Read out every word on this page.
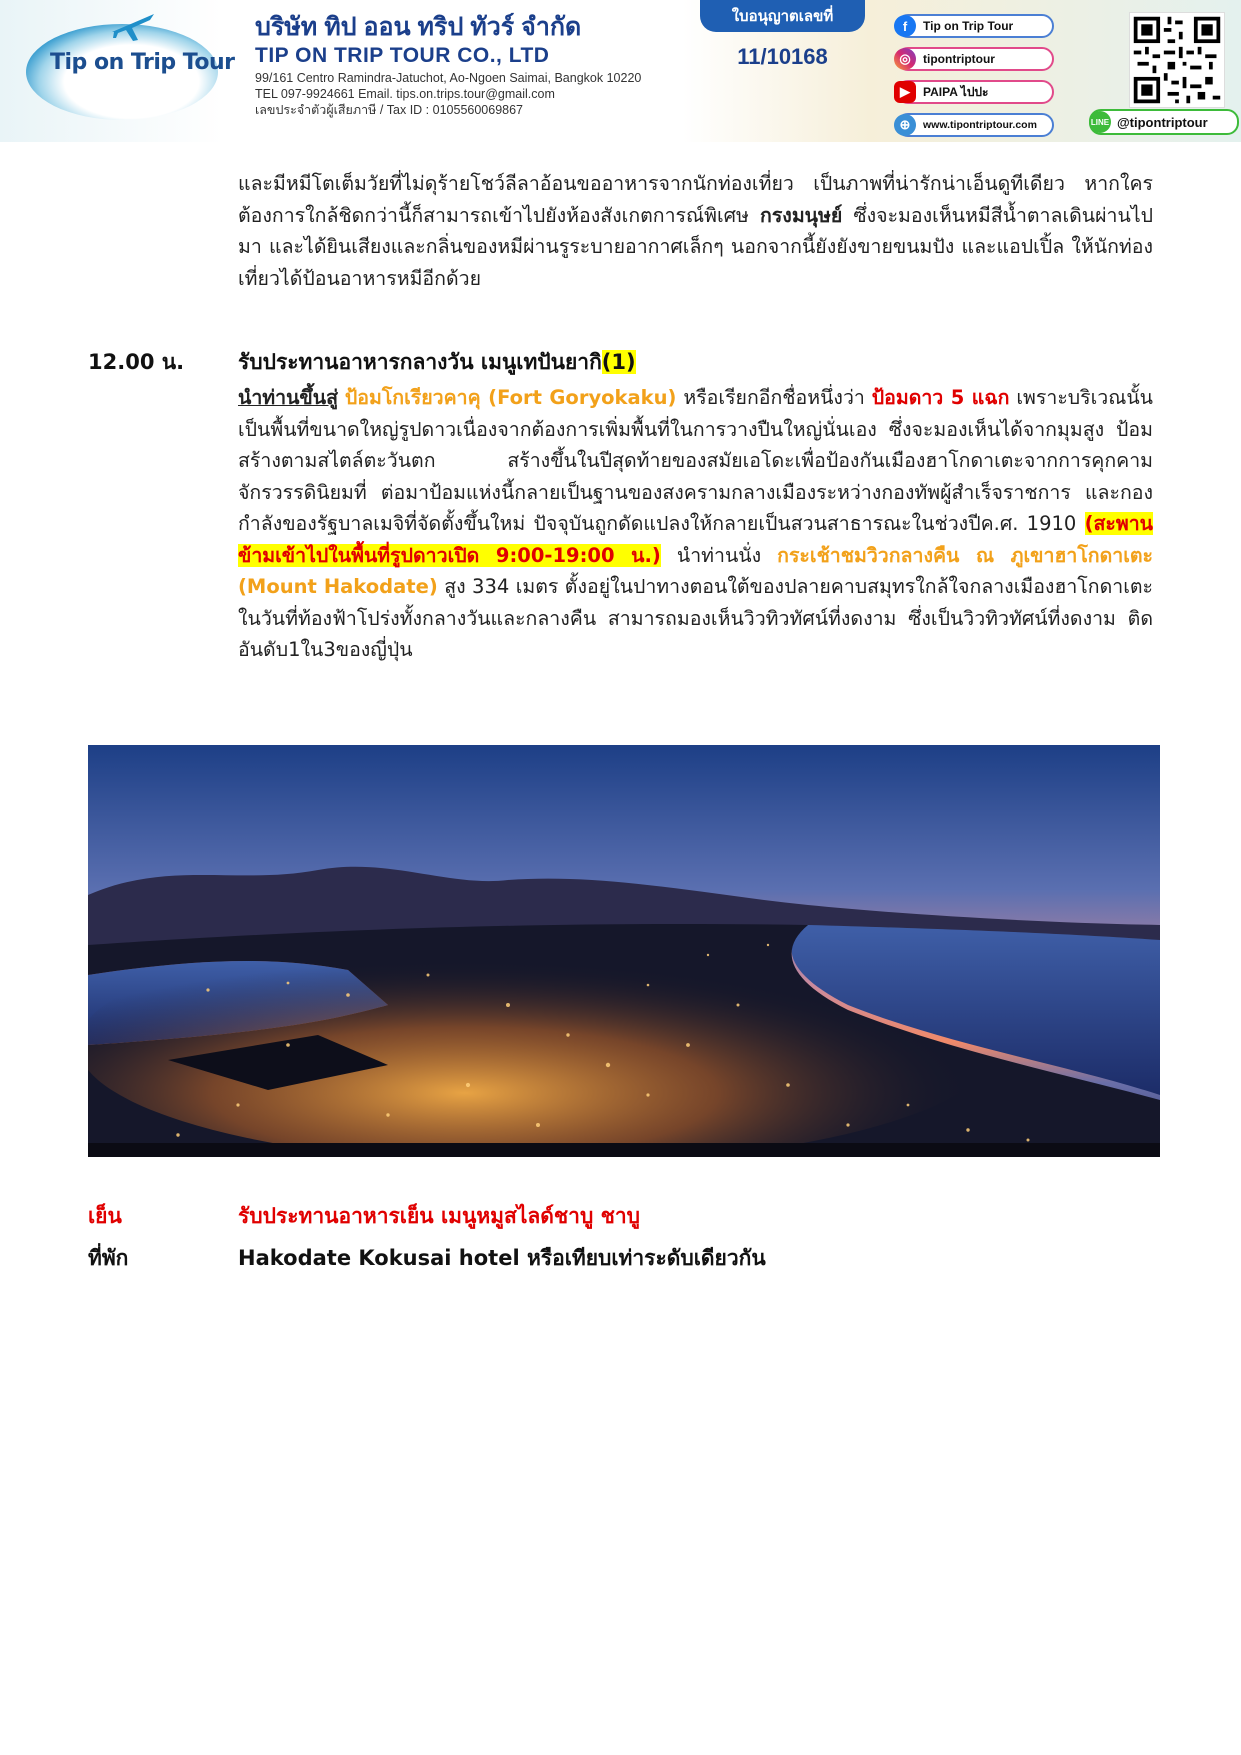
Tip on Trip Tour
บริษัท ทิป ออน ทริป ทัวร์ จำกัด
TIP ON TRIP TOUR CO., LTD
99/161 Centro Ramindra-Jatuchot, Ao-Ngoen Saimai, Bangkok 10220
TEL 097-9924661 Email. tips.on.trips.tour@gmail.com
เลขประจำตัวผู้เสียภาษี / Tax ID : 0105560069867
ใบอนุญาตเลขที่
11/10168
f	Tip on Trip Tour
◎	tipontriptour
▶	PAIPA ไปปะ
⊕	www.tipontriptour.com	LINE @tipontriptour
และมีหมีโตเต็มวัยที่ไม่ดุร้ายโชว์ลีลาอ้อนขออาหารจากนักท่องเที่ยว เป็นภาพที่น่ารักน่าเอ็นดูทีเดียว หากใครต้องการใกล้ชิดกว่านี้ก็สามารถเข้าไปยังห้องสังเกตการณ์พิเศษ กรงมนุษย์ ซึ่งจะมองเห็นหมีสีน้ำตาลเดินผ่านไปมา และได้ยินเสียงและกลิ่นของหมีผ่านรูระบายอากาศเล็กๆ นอกจากนี้ยังยังขายขนมปัง และแอปเปิ้ล ให้นักท่องเที่ยวได้ป้อนอาหารหมีอีกด้วย
12.00 น.	รับประทานอาหารกลางวัน เมนูเทปันยากิ(1)
นำท่านขึ้นสู่ ป้อมโกเรียวคาคุ (Fort Goryokaku) หรือเรียกอีกชื่อหนึ่งว่า ป้อมดาว 5 แฉก เพราะบริเวณนั้นเป็นพื้นที่ขนาดใหญ่รูปดาวเนื่องจากต้องการเพิ่มพื้นที่ในการวางปืนใหญ่นั่นเอง ซึ่งจะมองเห็นได้จากมุมสูง ป้อมสร้างตามสไตล์ตะวันตก สร้างขึ้นในปีสุดท้ายของสมัยเอโดะเพื่อป้องกันเมืองฮาโกดาเตะจากการคุกคามจักรวรรดินิยมที่ ต่อมาป้อมแห่งนี้กลายเป็นฐานของสงครามกลางเมืองระหว่างกองทัพผู้สำเร็จราชการ และกองกำลังของรัฐบาลเมจิที่จัดตั้งขึ้นใหม่ ปัจจุบันถูกดัดแปลงให้กลายเป็นสวนสาธารณะในช่วงปีค.ศ. 1910 (สะพานข้ามเข้าไปในพื้นที่รูปดาวเปิด 9:00-19:00 น.) นำท่านนั่ง กระเช้าชมวิวกลางคืน ณ ภูเขาฮาโกดาเตะ (Mount Hakodate) สูง 334 เมตร ตั้งอยู่ในปาทางตอนใต้ของปลายคาบสมุทรใกล้ใจกลางเมืองฮาโกดาเตะ ในวันที่ท้องฟ้าโปร่งทั้งกลางวันและกลางคืน สามารถมองเห็นวิวทิวทัศน์ที่งดงาม ซึ่งเป็นวิวทิวทัศน์ที่งดงาม ติดอันดับ1ใน3ของญี่ปุ่น
เย็น	รับประทานอาหารเย็น เมนูหมูสไลด์ชาบู ชาบู
ที่พัก	Hakodate Kokusai hotel หรือเทียบเท่าระดับเดียวกัน
